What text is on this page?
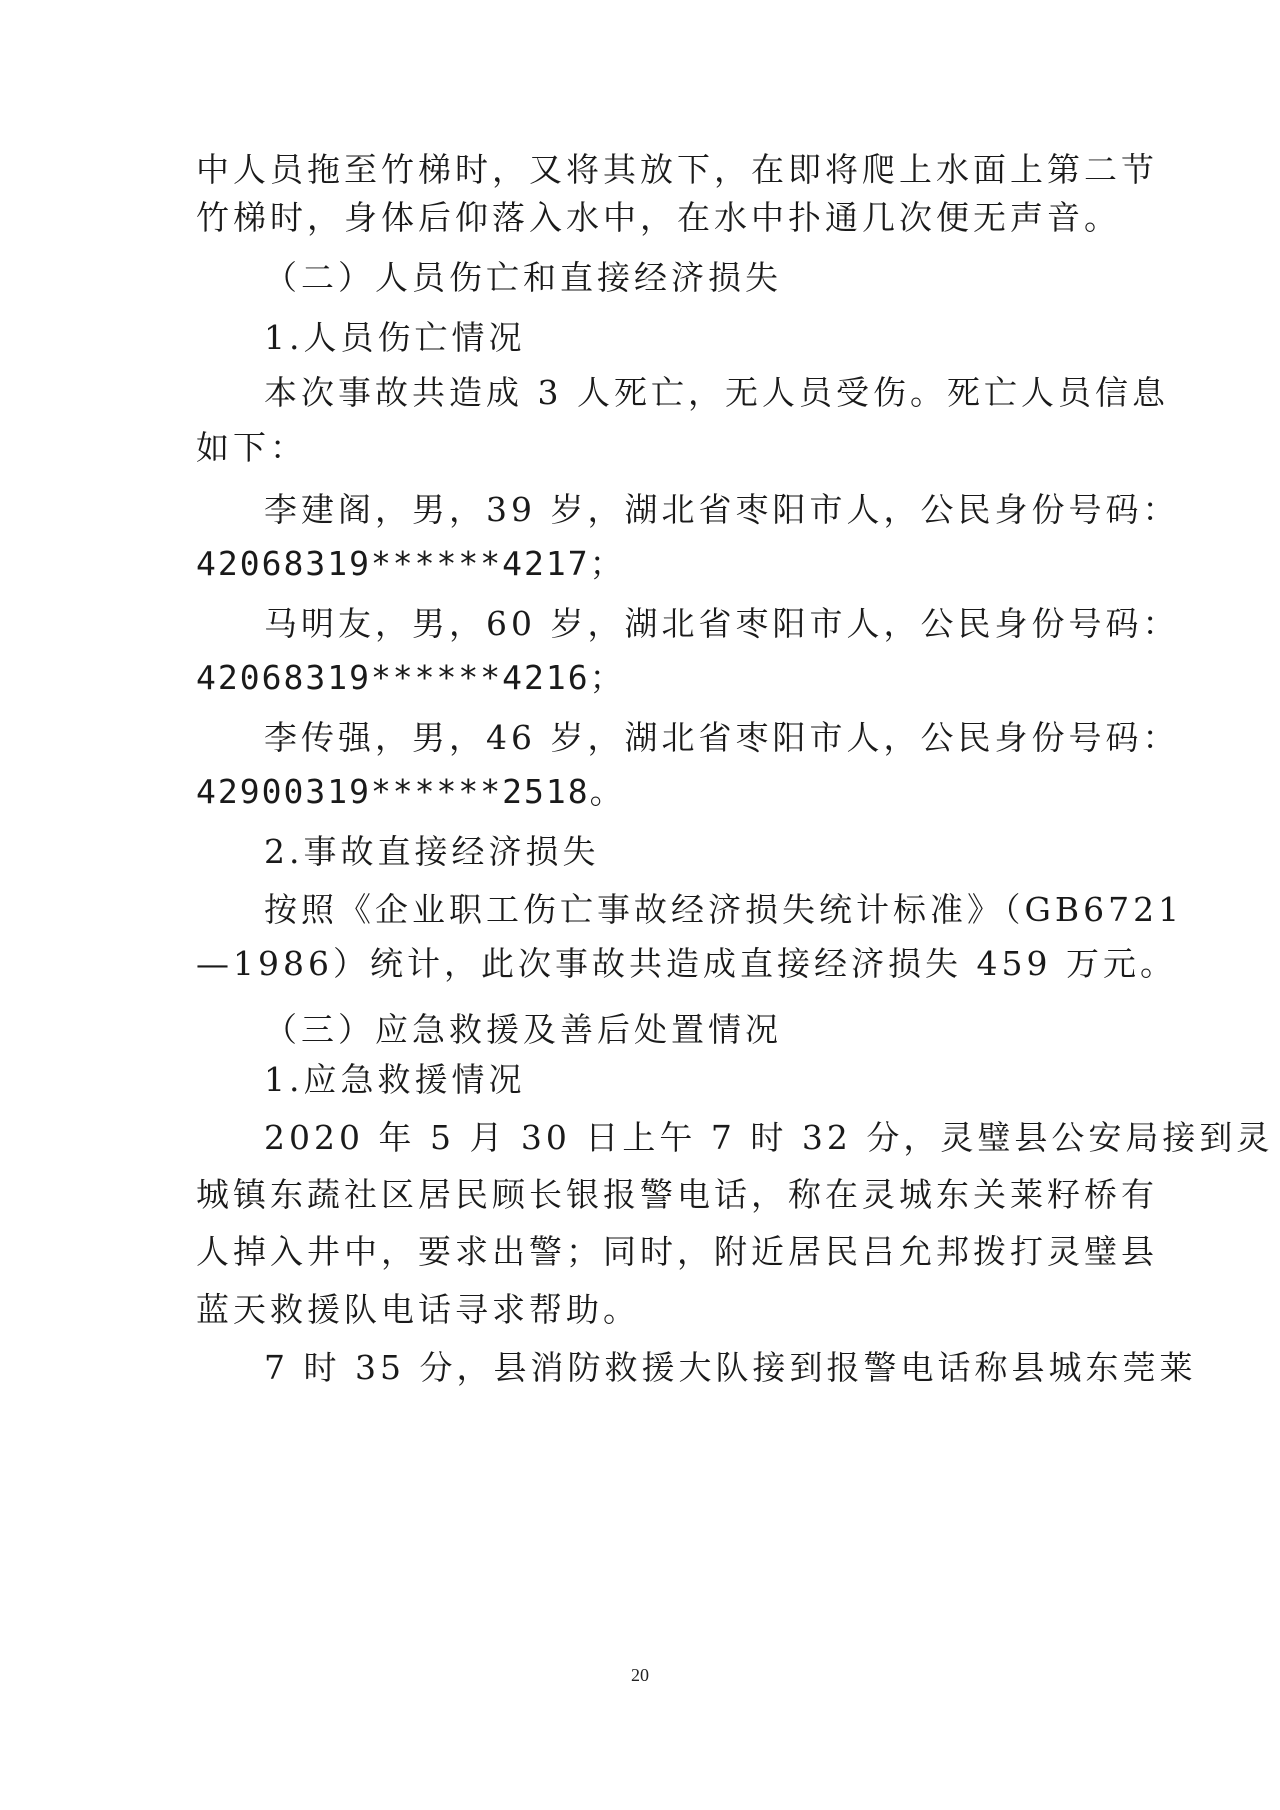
中人员拖至竹梯时，又将其放下，在即将爬上水面上第二节
竹梯时，身体后仰落入水中，在水中扑通几次便无声音。
（二）人员伤亡和直接经济损失
1.人员伤亡情况
本次事故共造成 3 人死亡，无人员受伤。死亡人员信息
如下：
李建阁，男，39 岁，湖北省枣阳市人，公民身份号码：
42068319******4217；
马明友，男，60 岁，湖北省枣阳市人，公民身份号码：
42068319******4216；
李传强，男，46 岁，湖北省枣阳市人，公民身份号码：
42900319******2518。
2.事故直接经济损失
按照《企业职工伤亡事故经济损失统计标准》（GB6721
—1986）统计，此次事故共造成直接经济损失 459 万元。
（三）应急救援及善后处置情况
1.应急救援情况
2020 年 5 月 30 日上午 7 时 32 分，灵璧县公安局接到灵
城镇东蔬社区居民顾长银报警电话，称在灵城东关莱籽桥有
人掉入井中，要求出警；同时，附近居民吕允邦拨打灵璧县
蓝天救援队电话寻求帮助。
7 时 35 分，县消防救援大队接到报警电话称县城东莞莱
20
